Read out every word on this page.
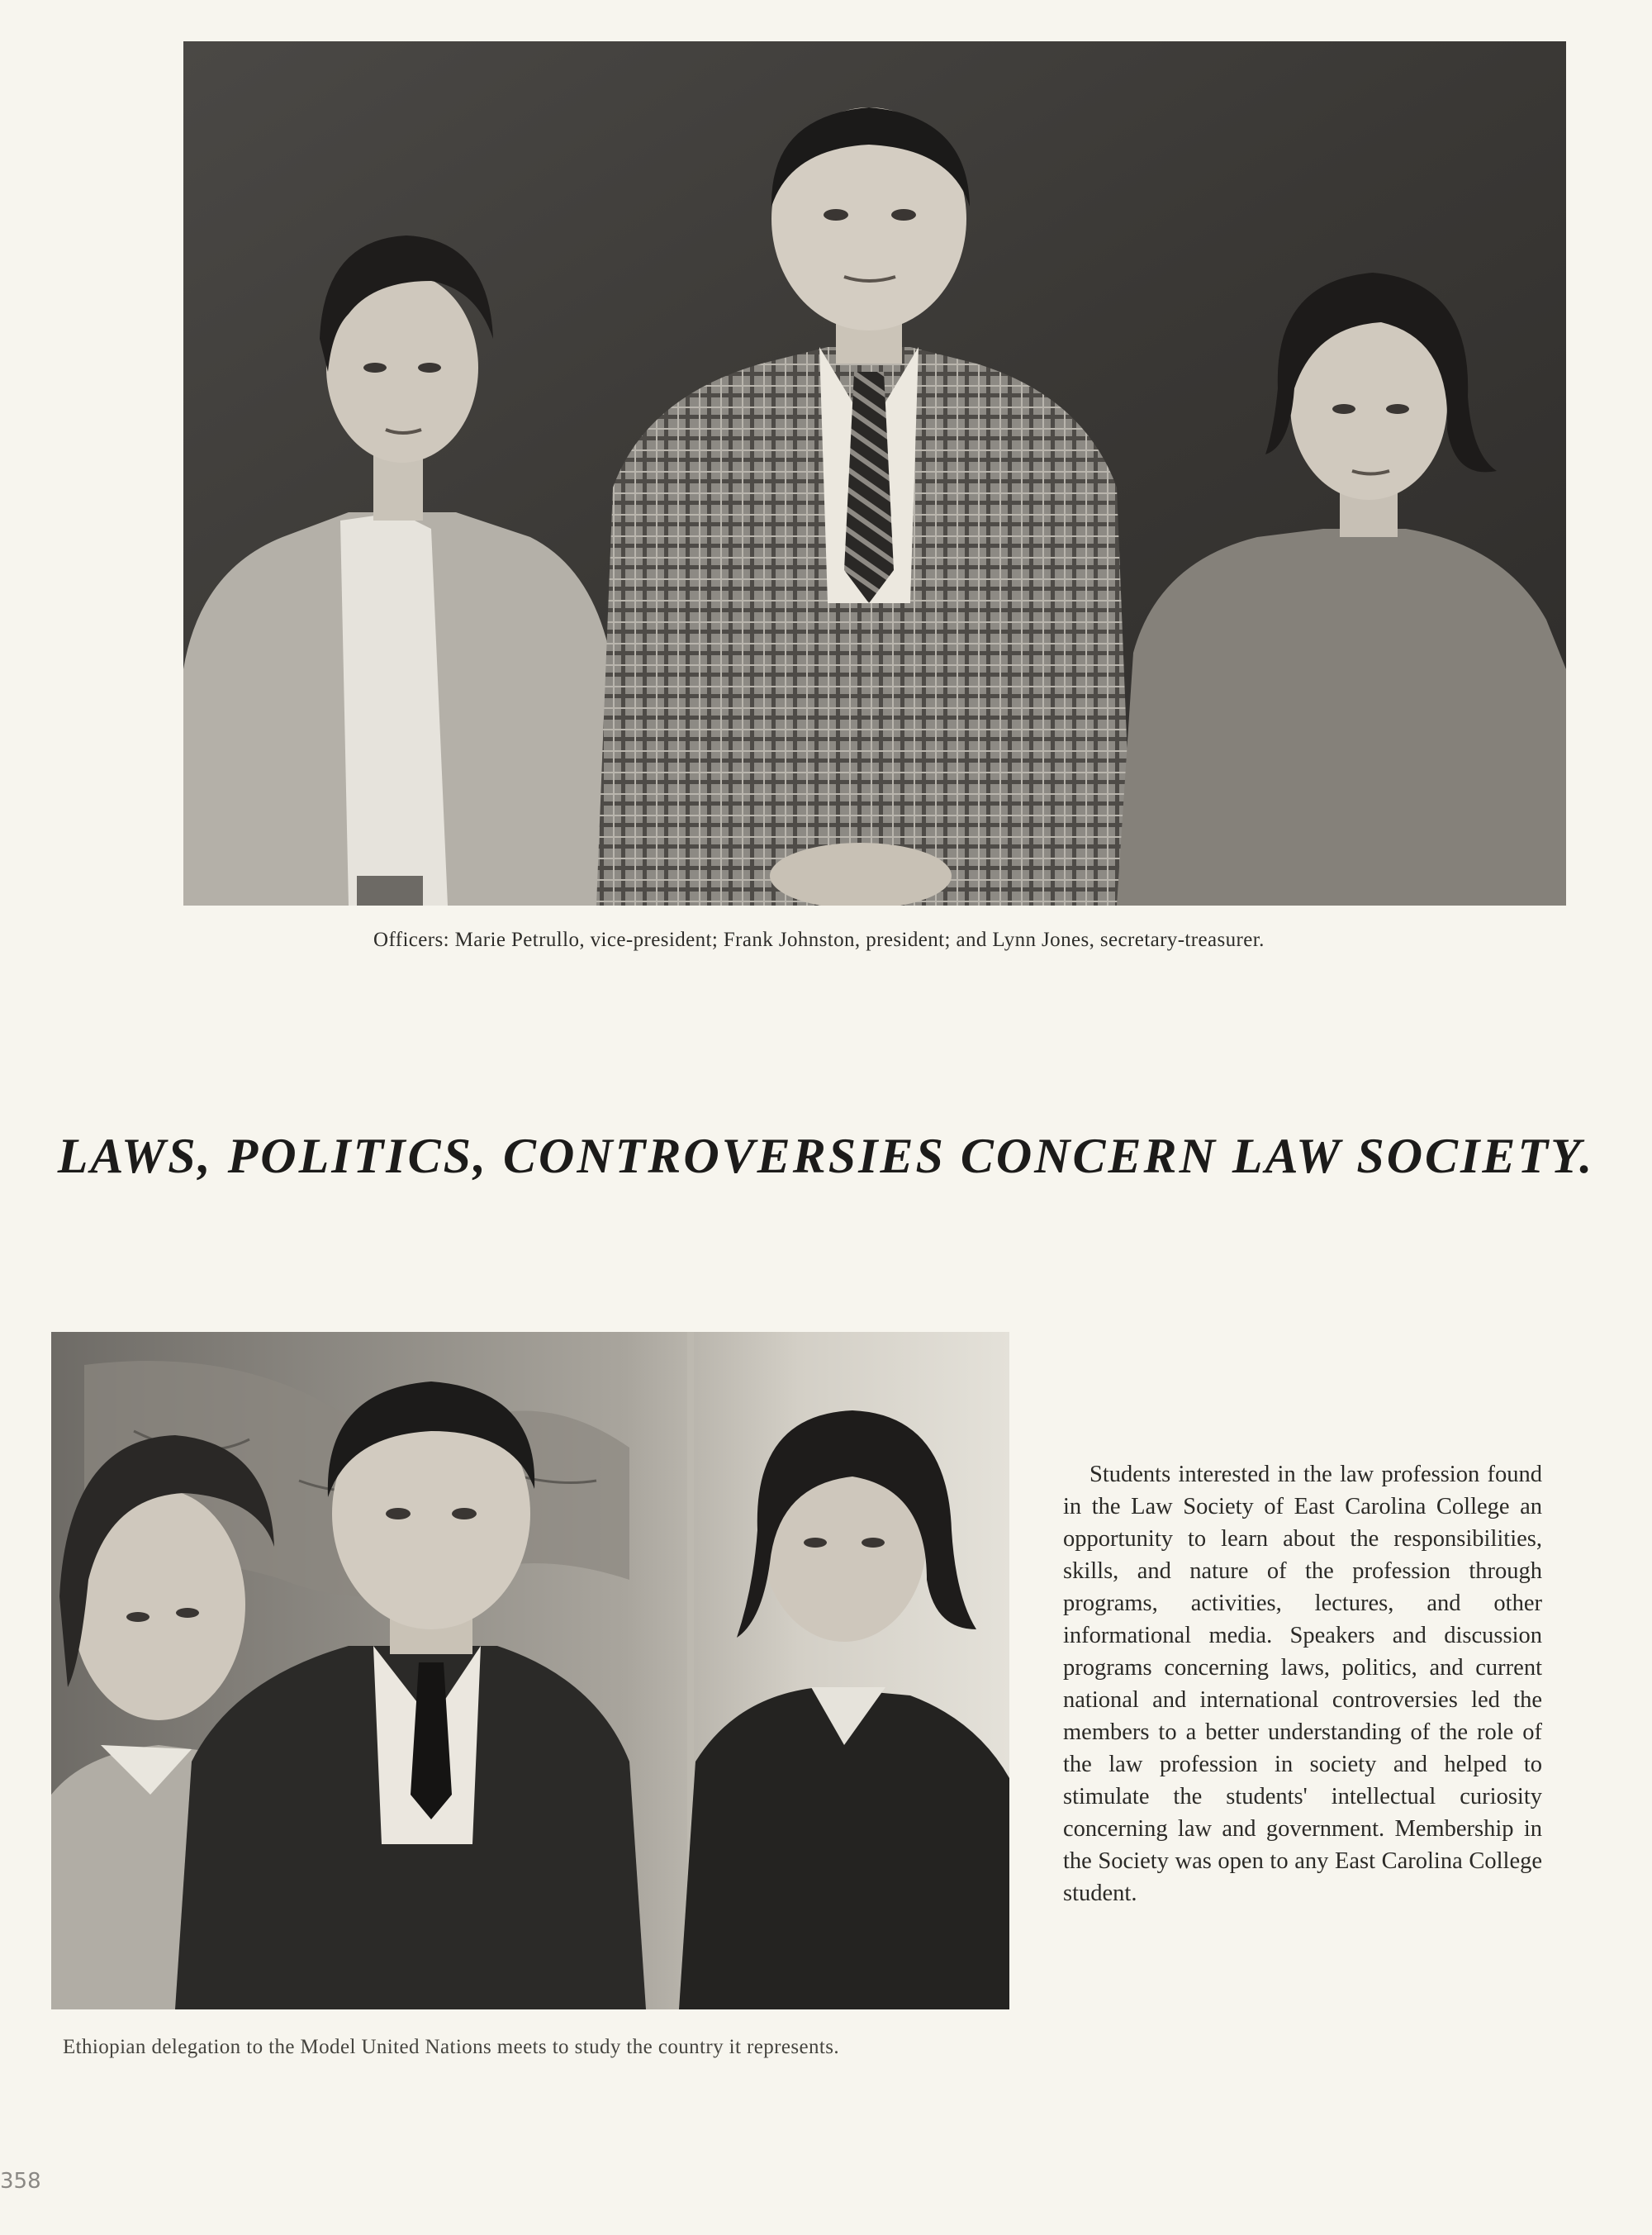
Officers: Marie Petrullo, vice-president; Frank Johnston, president; and Lynn Jones, secretary-treasurer.
LAWS, POLITICS, CONTROVERSIES CONCERN LAW SOCIETY.
Students interested in the law profession found in the Law Society of East Carolina College an opportunity to learn about the responsibilities, skills, and nature of the profession through programs, activities, lectures, and other informational media. Speakers and discussion programs concerning laws, politics, and current national and international controversies led the members to a better understanding of the role of the law profession in society and helped to stimulate the students' intellectual curiosity concerning law and government. Membership in the Society was open to any East Carolina College student.
Ethiopian delegation to the Model United Nations meets to study the country it represents.
358
